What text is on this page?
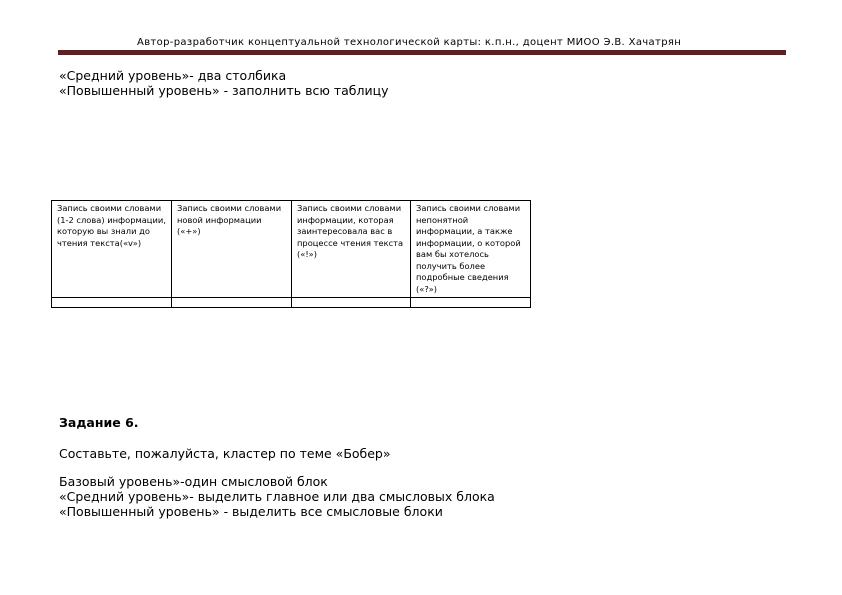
Автор-разработчик концептуальной технологической карты: к.п.н., доцент МИОО Э.В. Хачатрян
«Средний уровень»- два столбика
«Повышенный уровень» - заполнить всю таблицу
Запись своими словами (1-2 слова) информации, которую вы знали до чтения текста(«v»)	Запись своими словами новой информации («+»)	Запись своими словами информации, которая заинтересовала вас в процессе чтения текста («!»)	Запись своими словами непонятной информации, а также информации, о которой вам бы хотелось получить более подробные сведения («?»)

Задание 6.
Составьте, пожалуйста, кластер по теме «Бобер»
Базовый уровень»-один смысловой блок
«Средний уровень»- выделить главное или два смысловых блока
«Повышенный уровень» - выделить все смысловые блоки
